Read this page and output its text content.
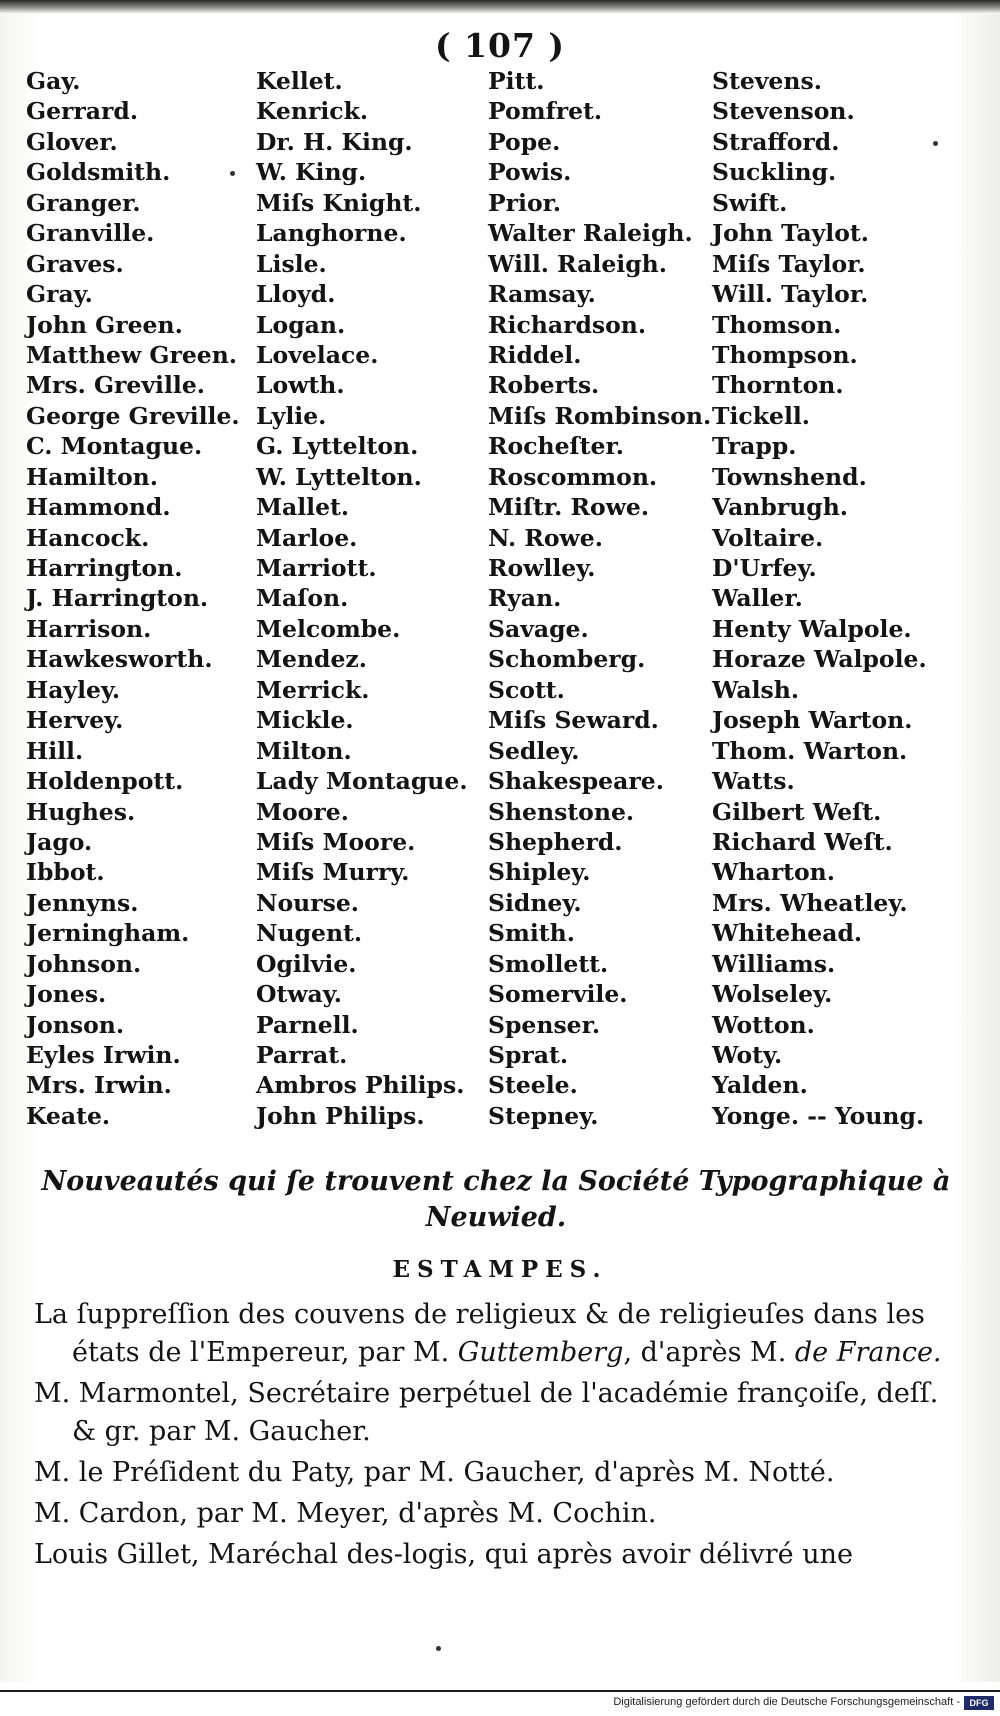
( 107 )
Gay.
Gerrard.
Glover.
Goldsmith.
Granger.
Granville.
Graves.
Gray.
John Green.
Matthew Green.
Mrs. Greville.
George Greville.
C. Montague.
Hamilton.
Hammond.
Hancock.
Harrington.
J. Harrington.
Harrison.
Hawkesworth.
Hayley.
Hervey.
Hill.
Holdenpott.
Hughes.
Jago.
Ibbot.
Jennyns.
Jerningham.
Johnson.
Jones.
Jonson.
Eyles Irwin.
Mrs. Irwin.
Keate.
Kellet.
Kenrick.
Dr. H. King.
W. King.
Miſs Knight.
Langhorne.
Lisle.
Lloyd.
Logan.
Lovelace.
Lowth.
Lylie.
G. Lyttelton.
W. Lyttelton.
Mallet.
Marloe.
Marriott.
Maſon.
Melcombe.
Mendez.
Merrick.
Mickle.
Milton.
Lady Montague.
Moore.
Miſs Moore.
Miſs Murry.
Nourse.
Nugent.
Ogilvie.
Otway.
Parnell.
Parrat.
Ambros Philips.
John Philips.
Pitt.
Pomfret.
Pope.
Powis.
Prior.
Walter Raleigh.
Will. Raleigh.
Ramsay.
Richardson.
Riddel.
Roberts.
Miſs Rombinson.
Rocheſter.
Roscommon.
Miſtr. Rowe.
N. Rowe.
Rowlley.
Ryan.
Savage.
Schomberg.
Scott.
Miſs Seward.
Sedley.
Shakespeare.
Shenstone.
Shepherd.
Shipley.
Sidney.
Smith.
Smollett.
Somervile.
Spenser.
Sprat.
Steele.
Stepney.
Stevens.
Stevenson.
Strafford.
Suckling.
Swift.
John Taylot.
Miſs Taylor.
Will. Taylor.
Thomson.
Thompson.
Thornton.
Tickell.
Trapp.
Townshend.
Vanbrugh.
Voltaire.
D'Urfey.
Waller.
Henty Walpole.
Horaze Walpole.
Walsh.
Joseph Warton.
Thom. Warton.
Watts.
Gilbert Weſt.
Richard Weſt.
Wharton.
Mrs. Wheatley.
Whitehead.
Williams.
Wolseley.
Wotton.
Woty.
Yalden.
Yonge. -- Young.
Nouveautés qui ſe trouvent chez la Société Typographique à
Neuwied.
ESTAMPES.
La ſuppreſſion des couvens de religieux & de religieuſes dans les états de l'Empereur, par M. Guttemberg, d'après M. de France.
M. Marmontel, Secrétaire perpétuel de l'académie françoiſe, deſſ. & gr. par M. Gaucher.
M. le Préſident du Paty, par M. Gaucher, d'après M. Notté.
M. Cardon, par M. Meyer, d'après M. Cochin.
Louis Gillet, Maréchal des-logis, qui après avoir délivré une
Digitalisierung gefördert durch die Deutsche Forschungsgemeinschaft -	DFG
